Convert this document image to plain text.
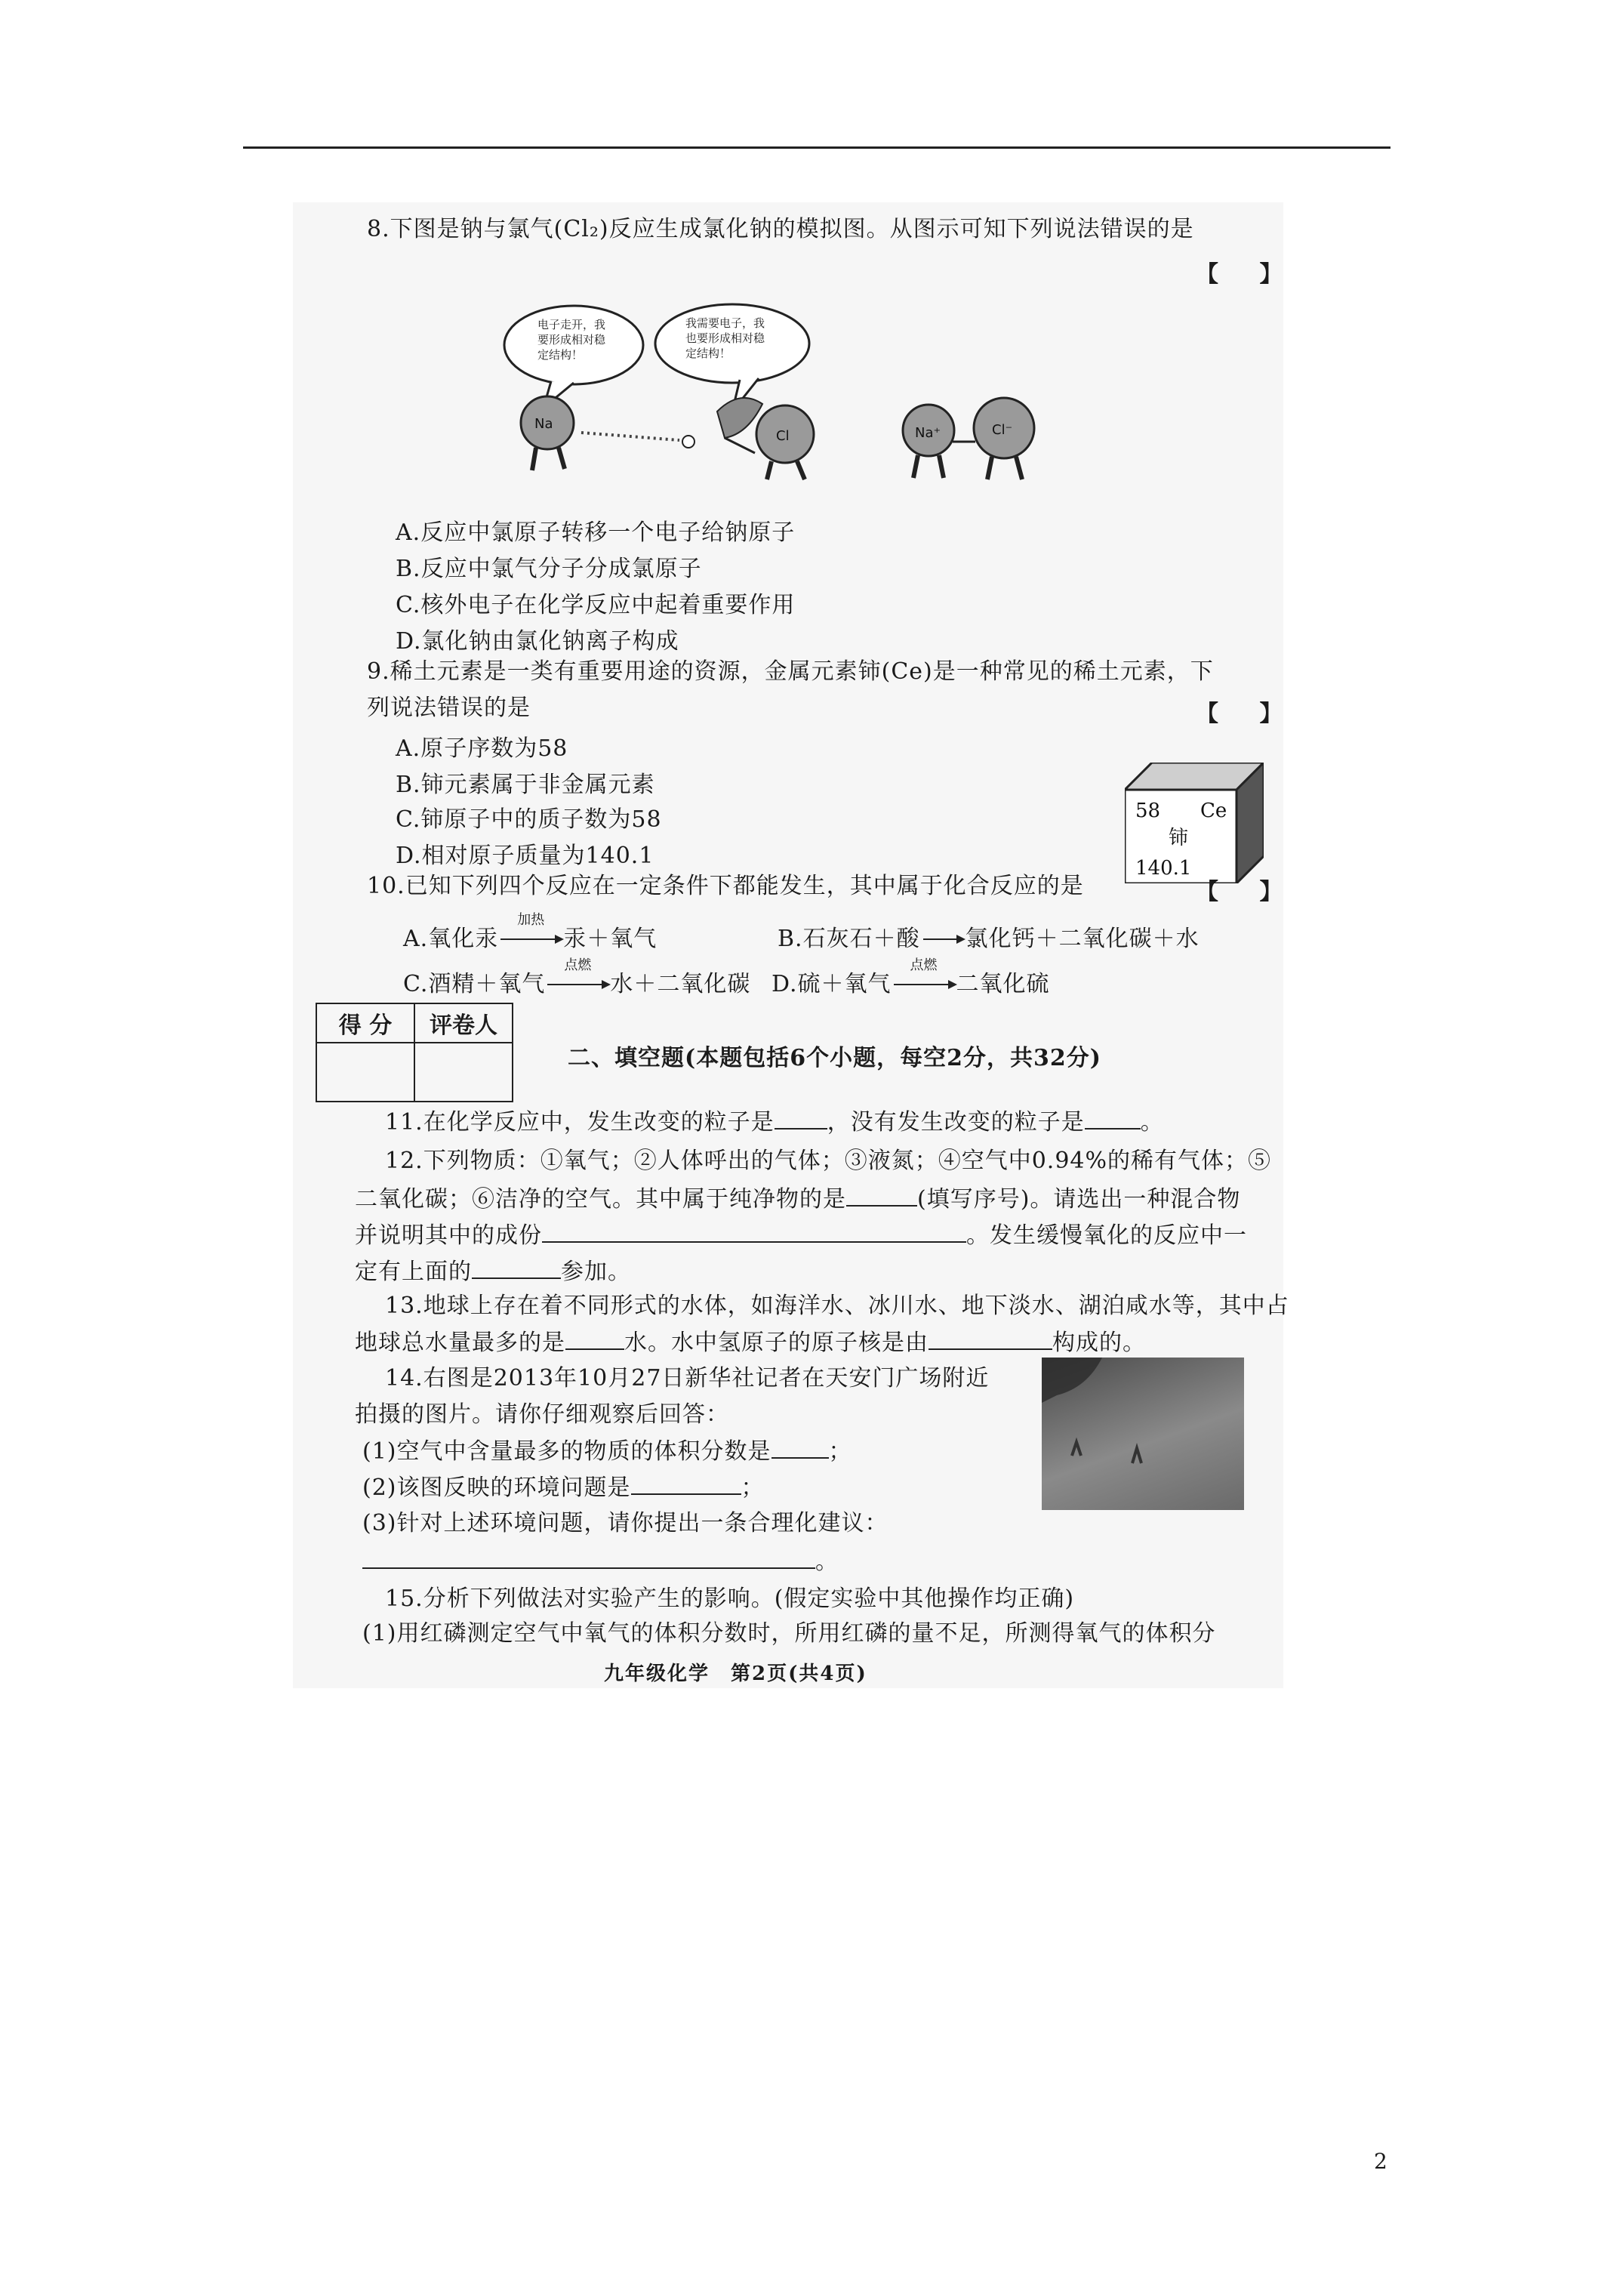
8.下图是钠与氯气(Cl₂)反应生成氯化钠的模拟图。从图示可知下列说法错误的是
【 】
电子走开，我
要形成相对稳
定结构！
我需要电子，我
也要形成相对稳
定结构！
Na
Cl	Na⁺	Cl⁻
A.反应中氯原子转移一个电子给钠原子
B.反应中氯气分子分成氯原子
C.核外电子在化学反应中起着重要作用
D.氯化钠由氯化钠离子构成
9.稀土元素是一类有重要用途的资源，金属元素铈(Ce)是一种常见的稀土元素，下
列说法错误的是	【 】
A.原子序数为58
B.铈元素属于非金属元素
C.铈原子中的质子数为58
D.相对原子质量为140.1
58 Ce
铈
140.1
10.已知下列四个反应在一定条件下都能发生，其中属于化合反应的是	【 】
A.氧化汞
加热
汞＋氧气	B.石灰石＋酸 氯化钙＋二氧化碳＋水
C.酒精＋氧气
点燃
水＋二氧化碳 D.硫＋氧气
点燃
二氧化硫
得 分	评卷人

二、填空题(本题包括6个小题，每空2分，共32分)
11.在化学反应中，发生改变的粒子是 ，没有发生改变的粒子是 。
12.下列物质：①氧气；②人体呼出的气体；③液氮；④空气中0.94%的稀有气体；⑤
二氧化碳；⑥洁净的空气。其中属于纯净物的是	(填写序号)。请选出一种混合物
并说明其中的成份	。发生缓慢氧化的反应中一
定有上面的	参加。
13.地球上存在着不同形式的水体，如海洋水、冰川水、地下淡水、湖泊咸水等，其中占
地球总水量最多的是	水。水中氢原子的原子核是由	构成的。
14.右图是2013年10月27日新华社记者在天安门广场附近
拍摄的图片。请你仔细观察后回答：
(1)空气中含量最多的物质的体积分数是	；
(2)该图反映的环境问题是	；
(3)针对上述环境问题，请你提出一条合理化建议：
。
15.分析下列做法对实验产生的影响。(假定实验中其他操作均正确)
(1)用红磷测定空气中氧气的体积分数时，所用红磷的量不足，所测得氧气的体积分
九年级化学　第2页(共4页)
2
